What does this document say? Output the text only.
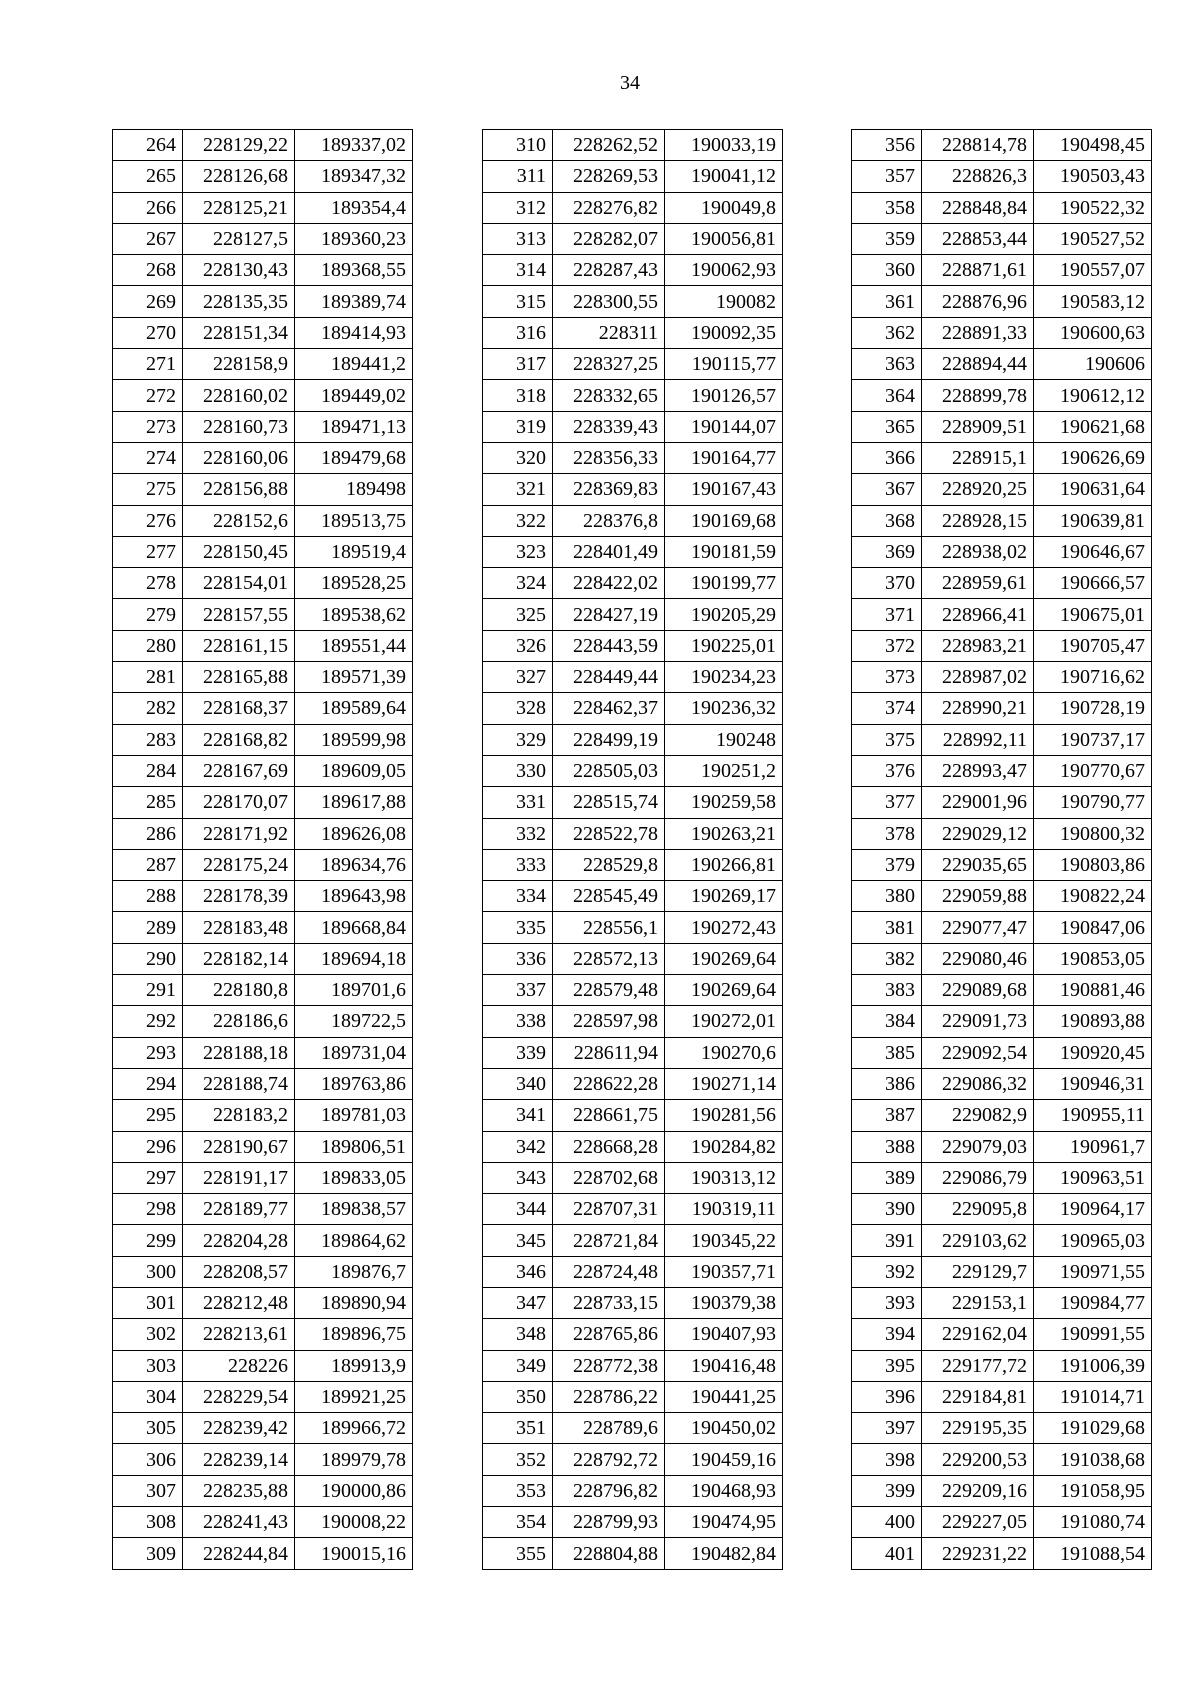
34
264	228129,22	189337,02
265	228126,68	189347,32
266	228125,21	189354,4
267	228127,5	189360,23
268	228130,43	189368,55
269	228135,35	189389,74
270	228151,34	189414,93
271	228158,9	189441,2
272	228160,02	189449,02
273	228160,73	189471,13
274	228160,06	189479,68
275	228156,88	189498
276	228152,6	189513,75
277	228150,45	189519,4
278	228154,01	189528,25
279	228157,55	189538,62
280	228161,15	189551,44
281	228165,88	189571,39
282	228168,37	189589,64
283	228168,82	189599,98
284	228167,69	189609,05
285	228170,07	189617,88
286	228171,92	189626,08
287	228175,24	189634,76
288	228178,39	189643,98
289	228183,48	189668,84
290	228182,14	189694,18
291	228180,8	189701,6
292	228186,6	189722,5
293	228188,18	189731,04
294	228188,74	189763,86
295	228183,2	189781,03
296	228190,67	189806,51
297	228191,17	189833,05
298	228189,77	189838,57
299	228204,28	189864,62
300	228208,57	189876,7
301	228212,48	189890,94
302	228213,61	189896,75
303	228226	189913,9
304	228229,54	189921,25
305	228239,42	189966,72
306	228239,14	189979,78
307	228235,88	190000,86
308	228241,43	190008,22
309	228244,84	190015,16
310	228262,52	190033,19
311	228269,53	190041,12
312	228276,82	190049,8
313	228282,07	190056,81
314	228287,43	190062,93
315	228300,55	190082
316	228311	190092,35
317	228327,25	190115,77
318	228332,65	190126,57
319	228339,43	190144,07
320	228356,33	190164,77
321	228369,83	190167,43
322	228376,8	190169,68
323	228401,49	190181,59
324	228422,02	190199,77
325	228427,19	190205,29
326	228443,59	190225,01
327	228449,44	190234,23
328	228462,37	190236,32
329	228499,19	190248
330	228505,03	190251,2
331	228515,74	190259,58
332	228522,78	190263,21
333	228529,8	190266,81
334	228545,49	190269,17
335	228556,1	190272,43
336	228572,13	190269,64
337	228579,48	190269,64
338	228597,98	190272,01
339	228611,94	190270,6
340	228622,28	190271,14
341	228661,75	190281,56
342	228668,28	190284,82
343	228702,68	190313,12
344	228707,31	190319,11
345	228721,84	190345,22
346	228724,48	190357,71
347	228733,15	190379,38
348	228765,86	190407,93
349	228772,38	190416,48
350	228786,22	190441,25
351	228789,6	190450,02
352	228792,72	190459,16
353	228796,82	190468,93
354	228799,93	190474,95
355	228804,88	190482,84
356	228814,78	190498,45
357	228826,3	190503,43
358	228848,84	190522,32
359	228853,44	190527,52
360	228871,61	190557,07
361	228876,96	190583,12
362	228891,33	190600,63
363	228894,44	190606
364	228899,78	190612,12
365	228909,51	190621,68
366	228915,1	190626,69
367	228920,25	190631,64
368	228928,15	190639,81
369	228938,02	190646,67
370	228959,61	190666,57
371	228966,41	190675,01
372	228983,21	190705,47
373	228987,02	190716,62
374	228990,21	190728,19
375	228992,11	190737,17
376	228993,47	190770,67
377	229001,96	190790,77
378	229029,12	190800,32
379	229035,65	190803,86
380	229059,88	190822,24
381	229077,47	190847,06
382	229080,46	190853,05
383	229089,68	190881,46
384	229091,73	190893,88
385	229092,54	190920,45
386	229086,32	190946,31
387	229082,9	190955,11
388	229079,03	190961,7
389	229086,79	190963,51
390	229095,8	190964,17
391	229103,62	190965,03
392	229129,7	190971,55
393	229153,1	190984,77
394	229162,04	190991,55
395	229177,72	191006,39
396	229184,81	191014,71
397	229195,35	191029,68
398	229200,53	191038,68
399	229209,16	191058,95
400	229227,05	191080,74
401	229231,22	191088,54
